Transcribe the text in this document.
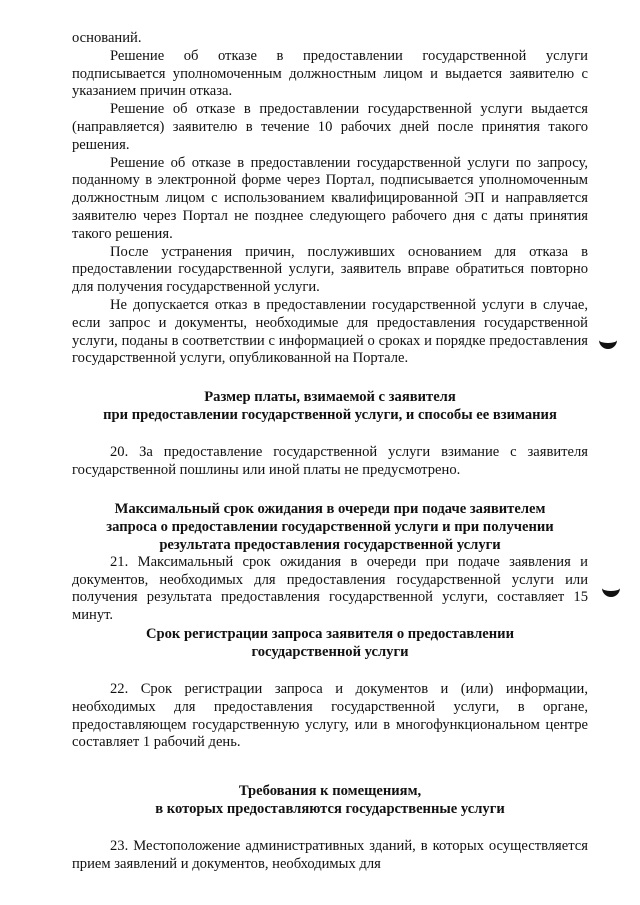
оснований.

Решение об отказе в предоставлении государственной услуги подписывается уполномоченным должностным лицом и выдается заявителю с указанием причин отказа.

Решение об отказе в предоставлении государственной услуги выдается (направляется) заявителю в течение 10 рабочих дней после принятия такого решения.

Решение об отказе в предоставлении государственной услуги по запросу, поданному в электронной форме через Портал, подписывается уполномоченным должностным лицом с использованием квалифицированной ЭП и направляется заявителю через Портал не позднее следующего рабочего дня с даты принятия такого решения.

После устранения причин, послуживших основанием для отказа в предоставлении государственной услуги, заявитель вправе обратиться повторно для получения государственной услуги.

Не допускается отказ в предоставлении государственной услуги в случае, если запрос и документы, необходимые для предоставления государственной услуги, поданы в соответствии с информацией о сроках и порядке предоставления государственной услуги, опубликованной на Портале.

Размер платы, взимаемой с заявителя
при предоставлении государственной услуги, и способы ее взимания

20. За предоставление государственной услуги взимание с заявителя государственной пошлины или иной платы не предусмотрено.

Максимальный срок ожидания в очереди при подаче заявителем
запроса о предоставлении государственной услуги и при получении
результата предоставления государственной услуги

21. Максимальный срок ожидания в очереди при подаче заявления и документов, необходимых для предоставления государственной услуги или получения результата предоставления государственной услуги, составляет 15 минут.

Срок регистрации запроса заявителя о предоставлении
государственной услуги

22. Срок регистрации запроса и документов и (или) информации, необходимых для предоставления государственной услуги, в органе, предоставляющем государственную услугу, или в многофункциональном центре составляет 1 рабочий день.

Требования к помещениям,
в которых предоставляются государственные услуги

23. Местоположение административных зданий, в которых осуществляется прием заявлений и документов, необходимых для
